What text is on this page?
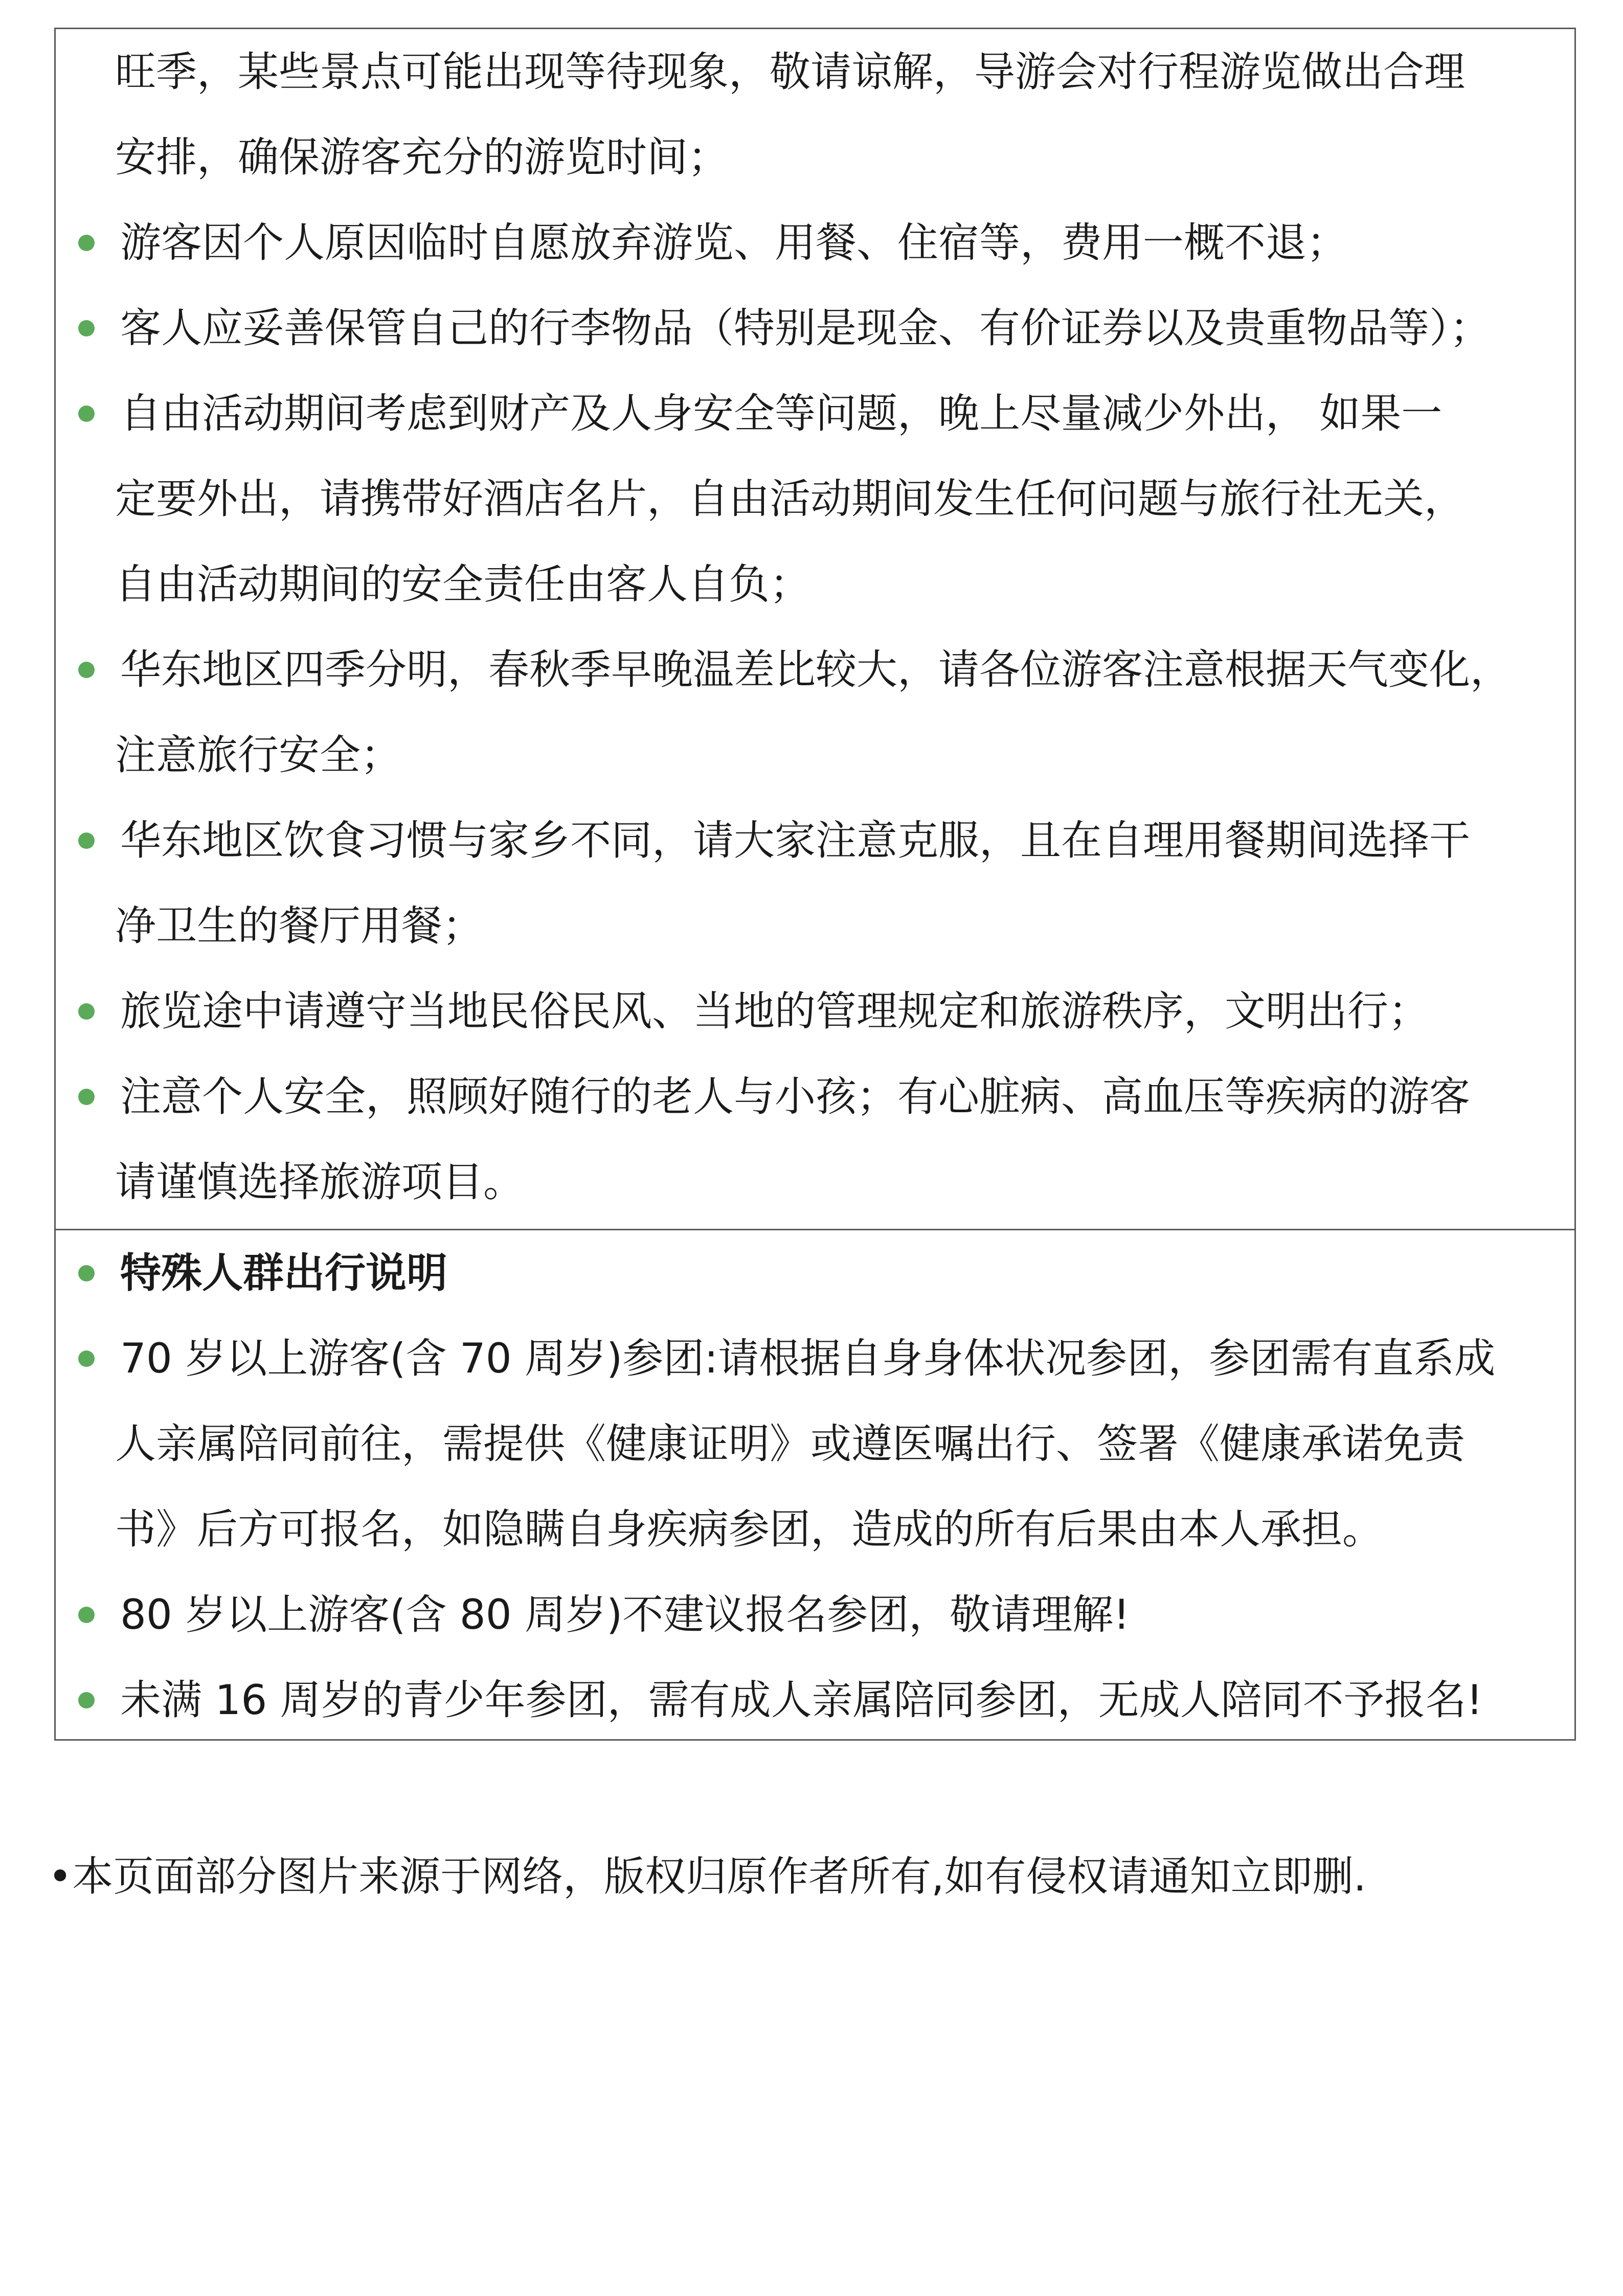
旺季，某些景点可能出现等待现象，敬请谅解，导游会对行程游览做出合理
安排，确保游客充分的游览时间；
游客因个人原因临时自愿放弃游览、用餐、住宿等，费用一概不退；
客人应妥善保管自己的行李物品（特别是现金、有价证券以及贵重物品等）；
自由活动期间考虑到财产及人身安全等问题，晚上尽量减少外出， 如果一
定要外出，请携带好酒店名片，自由活动期间发生任何问题与旅行社无关，
自由活动期间的安全责任由客人自负；
华东地区四季分明，春秋季早晚温差比较大，请各位游客注意根据天气变化，
注意旅行安全；
华东地区饮食习惯与家乡不同，请大家注意克服，且在自理用餐期间选择干
净卫生的餐厅用餐；
旅览途中请遵守当地民俗民风、当地的管理规定和旅游秩序，文明出行；
注意个人安全，照顾好随行的老人与小孩；有心脏病、高血压等疾病的游客
请谨慎选择旅游项目。
特殊人群出行说明
70 岁以上游客(含 70 周岁)参团:请根据自身身体状况参团，参团需有直系成
人亲属陪同前往，需提供《健康证明》或遵医嘱出行、签署《健康承诺免责
书》后方可报名，如隐瞒自身疾病参团，造成的所有后果由本人承担。
80 岁以上游客(含 80 周岁)不建议报名参团，敬请理解!
未满 16 周岁的青少年参团，需有成人亲属陪同参团，无成人陪同不予报名!
•本页面部分图片来源于网络，版权归原作者所有,如有侵权请通知立即删.
